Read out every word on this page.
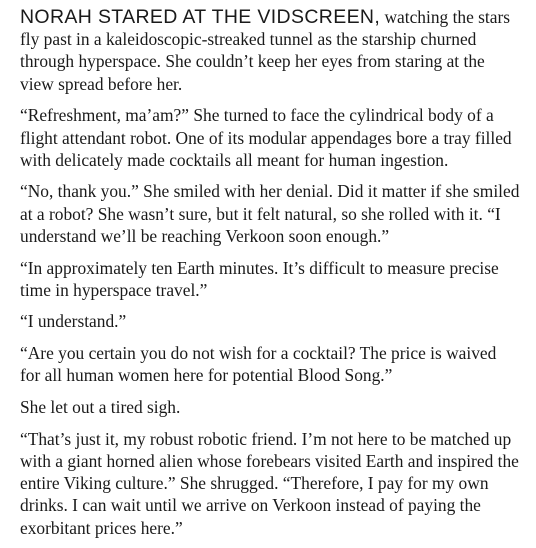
NORAH STARED AT THE VIDSCREEN, watching the stars fly past in a kaleidoscopic-streaked tunnel as the starship churned through hyperspace. She couldn’t keep her eyes from staring at the view spread before her.

“Refreshment, ma’am?” She turned to face the cylindrical body of a flight attendant robot. One of its modular appendages bore a tray filled with delicately made cocktails all meant for human ingestion.

“No, thank you.” She smiled with her denial. Did it matter if she smiled at a robot? She wasn’t sure, but it felt natural, so she rolled with it. “I understand we’ll be reaching Verkoon soon enough.”

“In approximately ten Earth minutes. It’s difficult to measure precise time in hyperspace travel.”

“I understand.”

“Are you certain you do not wish for a cocktail? The price is waived for all human women here for potential Blood Song.”

She let out a tired sigh.

“That’s just it, my robust robotic friend. I’m not here to be matched up with a giant horned alien whose forebears visited Earth and inspired the entire Viking culture.” She shrugged. “Therefore, I pay for my own drinks. I can wait until we arrive on Verkoon instead of paying the exorbitant prices here.”
